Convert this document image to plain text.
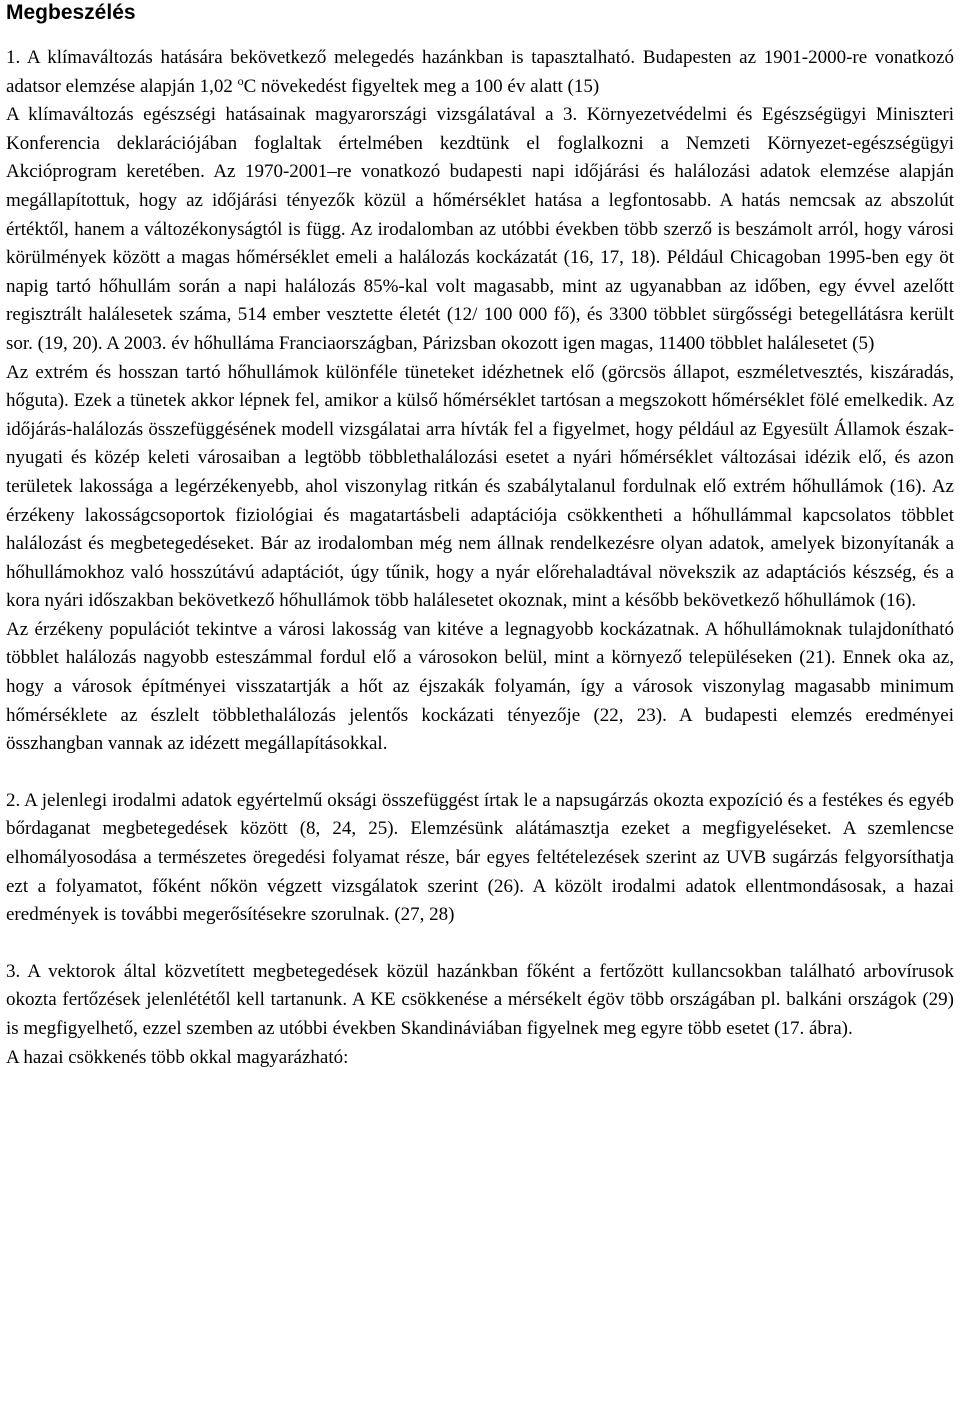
Megbeszélés

1. A klímaváltozás hatására bekövetkező melegedés hazánkban is tapasztalható. Budapesten az 1901-2000-re vonatkozó adatsor elemzése alapján 1,02 $^o$C növekedést figyeltek meg a 100 év alatt (15)

A klímaváltozás egészségi hatásainak magyarországi vizsgálatával a 3. Környezetvédelmi és Egészségügyi Miniszteri Konferencia deklarációjában foglaltak értelmében kezdtünk el foglalkozni a Nemzeti Környezet-egészségügyi Akcióprogram keretében. Az 1970-2001–re vonatkozó budapesti napi időjárási és halálozási adatok elemzése alapján megállapítottuk, hogy az időjárási tényezők közül a hőmérséklet hatása a legfontosabb. A hatás nemcsak az abszolút értéktől, hanem a változékonyságtól is függ. Az irodalomban az utóbbi években több szerző is beszámolt arról, hogy városi körülmények között a magas hőmérséklet emeli a halálozás kockázatát (16, 17, 18). Például Chicagoban 1995-ben egy öt napig tartó hőhullám során a napi halálozás 85%-kal volt magasabb, mint az ugyanabban az időben, egy évvel azelőtt regisztrált halálesetek száma, 514 ember vesztette életét (12/ 100 000 fő), és 3300 többlet sürgősségi betegellátásra került sor. (19, 20). A 2003. év hőhulláma Franciaországban, Párizsban okozott igen magas, 11400 többlet halálesetet (5)

Az extrém és hosszan tartó hőhullámok különféle tüneteket idézhetnek elő (görcsös állapot, eszméletvesztés, kiszáradás, hőguta). Ezek a tünetek akkor lépnek fel, amikor a külső hőmérséklet tartósan a megszokott hőmérséklet fölé emelkedik. Az időjárás-halálozás összefüggésének modell vizsgálatai arra hívták fel a figyelmet, hogy például az Egyesült Államok észak-nyugati és közép keleti városaiban a legtöbb többlethalálozási esetet a nyári hőmérséklet változásai idézik elő, és azon területek lakossága a legérzékenyebb, ahol viszonylag ritkán és szabálytalanul fordulnak elő extrém hőhullámok (16). Az érzékeny lakosságcsoportok fiziológiai és magatartásbeli adaptációja csökkentheti a hőhullámmal kapcsolatos többlet halálozást és megbetegedéseket. Bár az irodalomban még nem állnak rendelkezésre olyan adatok, amelyek bizonyítanák a hőhullámokhoz való hosszútávú adaptációt, úgy tűnik, hogy a nyár előrehaladtával növekszik az adaptációs készség, és a kora nyári időszakban bekövetkező hőhullámok több halálesetet okoznak, mint a később bekövetkező hőhullámok (16).

Az érzékeny populációt tekintve a városi lakosság van kitéve a legnagyobb kockázatnak. A hőhullámoknak tulajdonítható többlet halálozás nagyobb esteszámmal fordul elő a városokon belül, mint a környező településeken (21). Ennek oka az, hogy a városok építményei visszatartják a hőt az éjszakák folyamán, így a városok viszonylag magasabb minimum hőmérséklete az észlelt többlethalálozás jelentős kockázati tényezője (22, 23). A budapesti elemzés eredményei összhangban vannak az idézett megállapításokkal.

2. A jelenlegi irodalmi adatok egyértelmű oksági összefüggést írtak le a napsugárzás okozta expozíció és a festékes és egyéb bőrdaganat megbetegedések között (8, 24, 25). Elemzésünk alátámasztja ezeket a megfigyeléseket. A szemlencse elhomályosodása a természetes öregedési folyamat része, bár egyes feltételezések szerint az UVB sugárzás felgyorsíthatja ezt a folyamatot, főként nőkön végzett vizsgálatok szerint (26). A közölt irodalmi adatok ellentmondásosak, a hazai eredmények is további megerősítésekre szorulnak. (27, 28)

3. A vektorok által közvetített megbetegedések közül hazánkban főként a fertőzött kullancsokban található arbovírusok okozta fertőzések jelenlététől kell tartanunk. A KE csökkenése a mérsékelt égöv több országában pl. balkáni országok (29) is megfigyelhető, ezzel szemben az utóbbi években Skandináviában figyelnek meg egyre több esetet (17. ábra).

A hazai csökkenés több okkal magyarázható:
